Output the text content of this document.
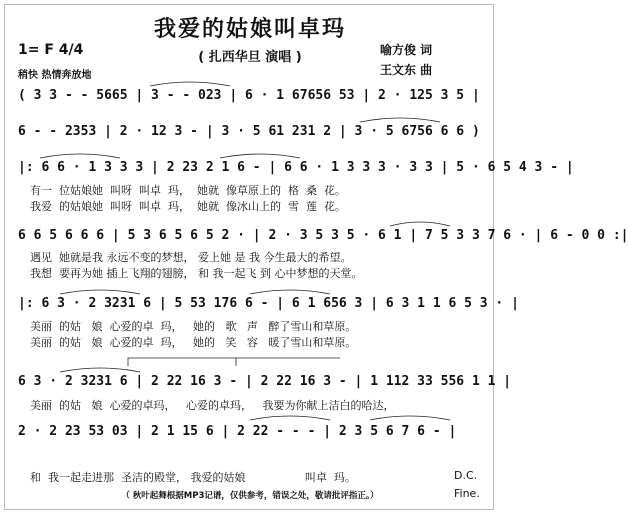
我爱的姑娘叫卓玛
( 扎西华旦 演唱 )
1= F 4/4
稍快 热情奔放地
喻方俊 词
王文东 曲
( 3 3 - - 5665 | 3 - - 023 | 6 · 1 67656 53 | 2 · 125 3 5 |
6 - - 2353 | 2 · 12 3 - | 3 · 5 61 231 2 | 3 · 5 6756 6 6 )
|: 6 6 · 1 3 3 3 | 2 23 2 1 6 - | 6 6 · 1 3 3 3 · 3 3 | 5 · 6 5 4 3 - |
有一  位姑娘她  叫呀  叫卓  玛，  她就  像草原上的  格  桑  花。
我爱  的姑娘她  叫呀  叫卓  玛，  她就  像冰山上的  雪  莲  花。
6 6 5 6 6 6 | 5 3 6 5 6 5 2 · | 2 · 3 5 3 5 · 6 1 | 7 5 3 3 7 6 · | 6 - 0 0 :|
遇见  她就是我 永远不变的梦想， 爱上她 是 我 今生最大的希望。
我想  要再为她 插上飞翔的翅膀， 和 我一起飞 到 心中梦想的天堂。
|: 6 3 · 2 3231 6 | 5 53 176 6 - | 6 1 656 3 | 6 3 1 1 6 5 3 · |
美丽  的姑   娘  心爱的卓  玛，   她的   歌   声   醉了雪山和草原。
美丽  的姑   娘  心爱的卓  玛，   她的   笑   容   暖了雪山和草原。
6 3 · 2 3231 6 | 2 22 16 3 - | 2 22 16 3 - | 1 112 33 556 1 1 |
美丽  的姑   娘  心爱的卓玛，   心爱的卓玛，   我要为你献上洁白的哈达，
2 · 2 23 53 03 | 2 1 15 6 | 2 22 - - - | 2 3 5 6 7 6 - |
和  我一起走进那  圣洁的殿堂， 我爱的姑娘                 叫卓  玛。	D.C.
Fine.
（ 秋叶起舞根据MP3记谱，仅供参考，错误之处，敬请批评指正。）
